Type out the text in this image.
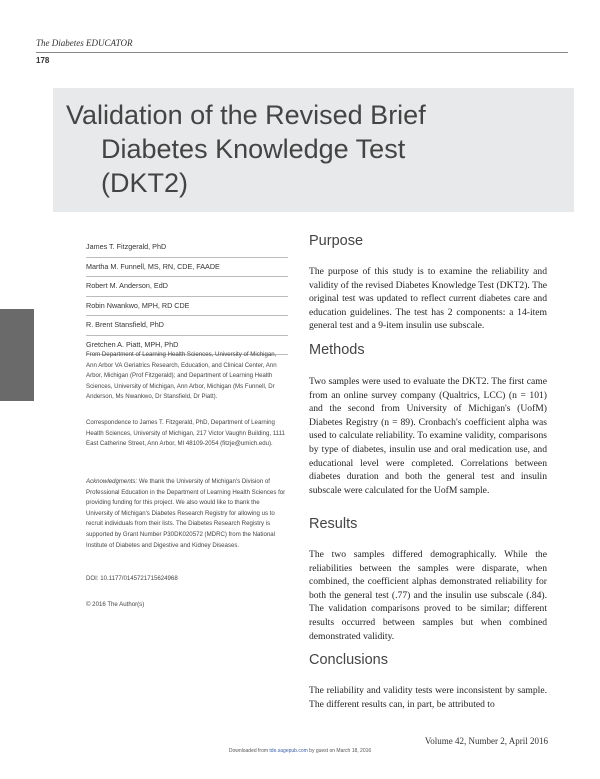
The Diabetes EDUCATOR
178
Validation of the Revised Brief
Diabetes Knowledge Test
(DKT2)
James T. Fitzgerald, PhD
Martha M. Funnell, MS, RN, CDE, FAADE
Robert M. Anderson, EdD
Robin Nwankwo, MPH, RD CDE
R. Brent Stansfield, PhD
Gretchen A. Piatt, MPH, PhD
From Department of Learning Health Sciences, University of Michigan, Ann Arbor VA Geriatrics Research, Education, and Clinical Center, Ann Arbor, Michigan (Prof Fitzgerald); and Department of Learning Health Sciences, University of Michigan, Ann Arbor, Michigan (Ms Funnell, Dr Anderson, Ms Nwankwo, Dr Stansfield, Dr Piatt).
Correspondence to James T. Fitzgerald, PhD, Department of Learning Health Sciences, University of Michigan, 217 Victor Vaughn Building, 1111 East Catherine Street, Ann Arbor, MI 48109-2054 (fitzje@umich.edu).
Acknowledgments: We thank the University of Michigan's Division of Professional Education in the Department of Learning Health Sciences for providing funding for this project. We also would like to thank the University of Michigan's Diabetes Research Registry for allowing us to recruit individuals from their lists. The Diabetes Research Registry is supported by Grant Number P30DK020572 (MDRC) from the National Institute of Diabetes and Digestive and Kidney Diseases.
DOI: 10.1177/0145721715624968
© 2016 The Author(s)
Purpose
The purpose of this study is to examine the reliability and validity of the revised Diabetes Knowledge Test (DKT2). The original test was updated to reflect current diabetes care and education guidelines. The test has 2 components: a 14-item general test and a 9-item insulin use subscale.
Methods
Two samples were used to evaluate the DKT2. The first came from an online survey company (Qualtrics, LCC) (n = 101) and the second from University of Michigan's (UofM) Diabetes Registry (n = 89). Cronbach's coefficient alpha was used to calculate reliability. To examine validity, comparisons by type of diabetes, insulin use and oral medication use, and educational level were completed. Correlations between diabetes duration and both the general test and insulin subscale were calculated for the UofM sample.
Results
The two samples differed demographically. While the reliabilities between the samples were disparate, when combined, the coefficient alphas demonstrated reliability for both the general test (.77) and the insulin use subscale (.84). The validation comparisons proved to be similar; different results occurred between samples but when combined demonstrated validity.
Conclusions
The reliability and validity tests were inconsistent by sample. The different results can, in part, be attributed to
Volume 42, Number 2, April 2016
Downloaded from tde.sagepub.com by guest on March 18, 2016
